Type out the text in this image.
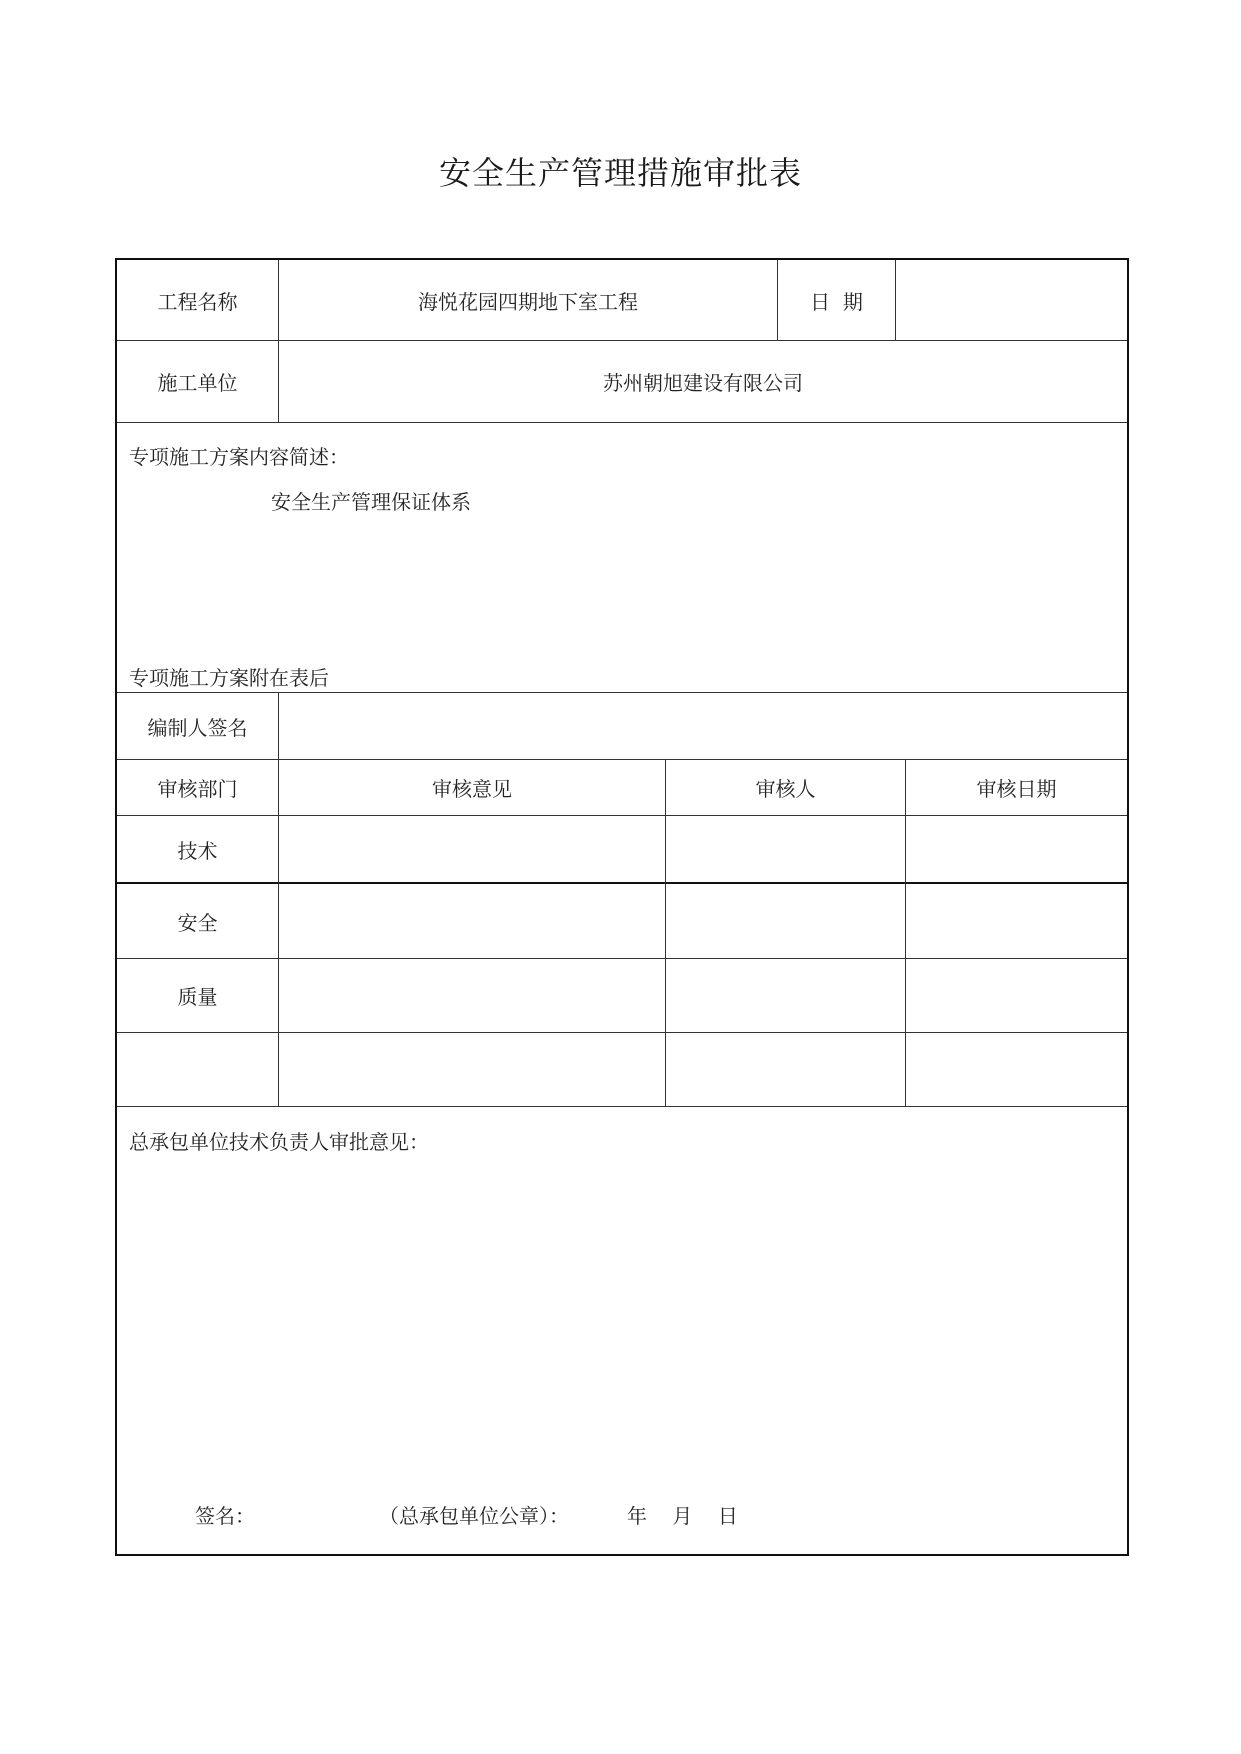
安全生产管理措施审批表
工程名称	海悦花园四期地下室工程	日  期
施工单位	苏州朝旭建设有限公司
专项施工方案内容简述：
安全生产管理保证体系
专项施工方案附在表后
编制人签名
审核部门	审核意见	审核人	审核日期
技术
安全
质量
总承包单位技术负责人审批意见：
签名：	（总承包单位公章）：	年    月    日
